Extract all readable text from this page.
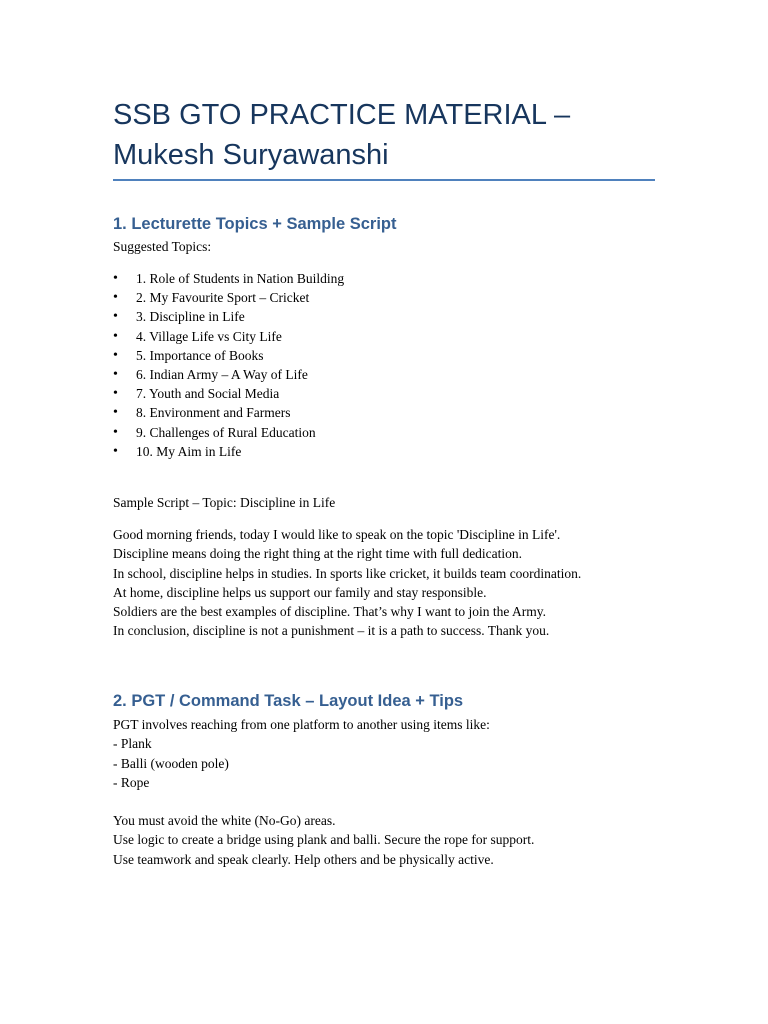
SSB GTO PRACTICE MATERIAL – Mukesh Suryawanshi
1. Lecturette Topics + Sample Script

Suggested Topics:

•	1. Role of Students in Nation Building
•	2. My Favourite Sport – Cricket
•	3. Discipline in Life
•	4. Village Life vs City Life
•	5. Importance of Books
•	6. Indian Army – A Way of Life
•	7. Youth and Social Media
•	8. Environment and Farmers
•	9. Challenges of Rural Education
•	10. My Aim in Life

Sample Script – Topic: Discipline in Life

Good morning friends, today I would like to speak on the topic 'Discipline in Life'.
Discipline means doing the right thing at the right time with full dedication.
In school, discipline helps in studies. In sports like cricket, it builds team coordination.
At home, discipline helps us support our family and stay responsible.
Soldiers are the best examples of discipline. That’s why I want to join the Army.
In conclusion, discipline is not a punishment – it is a path to success. Thank you.
2. PGT / Command Task – Layout Idea + Tips
PGT involves reaching from one platform to another using items like:
- Plank
- Balli (wooden pole)
- Rope
You must avoid the white (No-Go) areas.
Use logic to create a bridge using plank and balli. Secure the rope for support.
Use teamwork and speak clearly. Help others and be physically active.
